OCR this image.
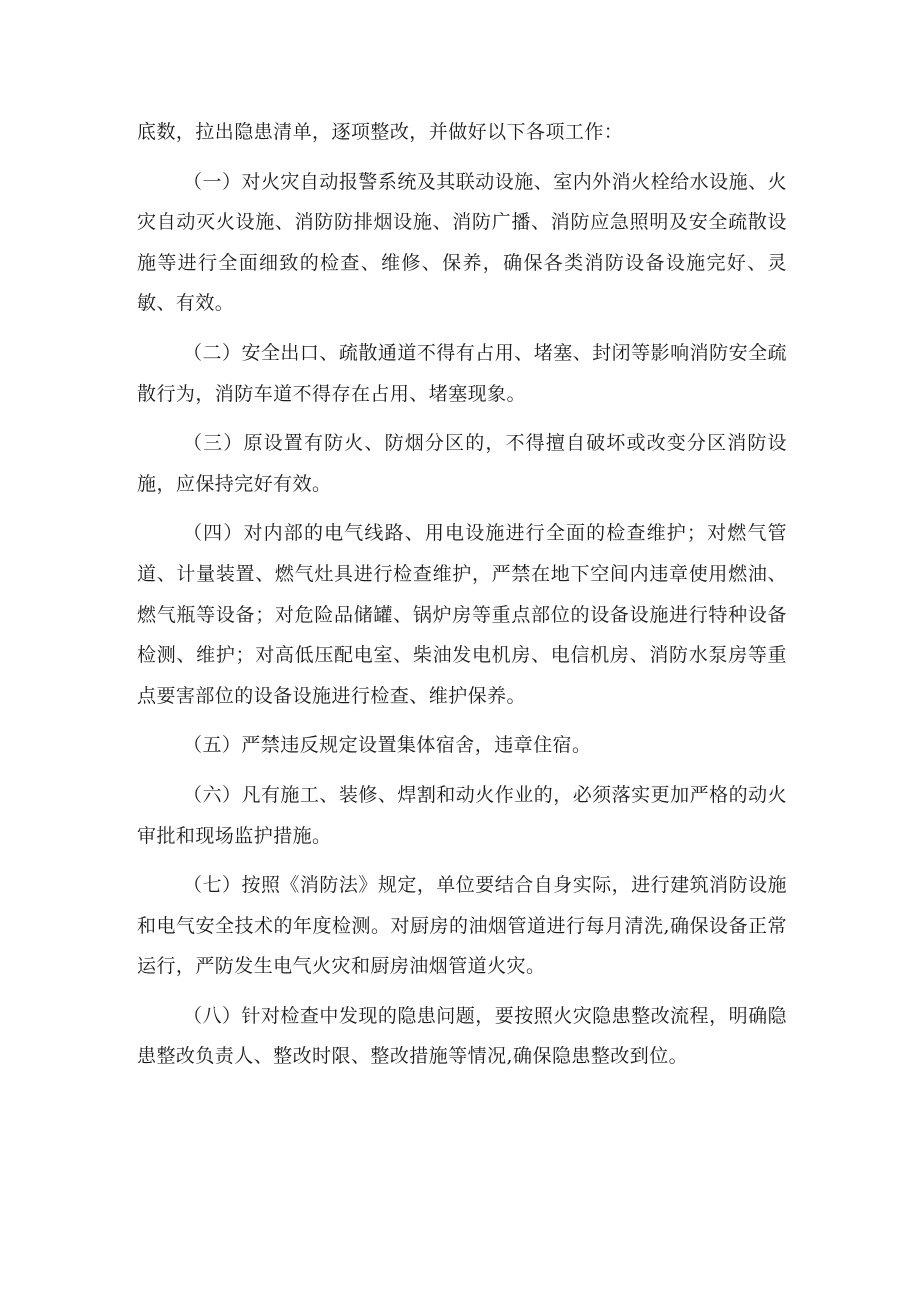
底数，拉出隐患清单，逐项整改，并做好以下各项工作：

（一）对火灾自动报警系统及其联动设施、室内外消火栓给水设施、火灾自动灭火设施、消防防排烟设施、消防广播、消防应急照明及安全疏散设施等进行全面细致的检查、维修、保养，确保各类消防设备设施完好、灵敏、有效。

（二）安全出口、疏散通道不得有占用、堵塞、封闭等影响消防安全疏散行为，消防车道不得存在占用、堵塞现象。

（三）原设置有防火、防烟分区的，不得擅自破坏或改变分区消防设施，应保持完好有效。

（四）对内部的电气线路、用电设施进行全面的检查维护；对燃气管道、计量装置、燃气灶具进行检查维护，严禁在地下空间内违章使用燃油、燃气瓶等设备；对危险品储罐、锅炉房等重点部位的设备设施进行特种设备检测、维护；对高低压配电室、柴油发电机房、电信机房、消防水泵房等重点要害部位的设备设施进行检查、维护保养。

（五）严禁违反规定设置集体宿舍，违章住宿。

（六）凡有施工、装修、焊割和动火作业的，必须落实更加严格的动火审批和现场监护措施。

（七）按照《消防法》规定，单位要结合自身实际，进行建筑消防设施和电气安全技术的年度检测。对厨房的油烟管道进行每月清洗,确保设备正常运行，严防发生电气火灾和厨房油烟管道火灾。

（八）针对检查中发现的隐患问题，要按照火灾隐患整改流程，明确隐患整改负责人、整改时限、整改措施等情况,确保隐患整改到位。
